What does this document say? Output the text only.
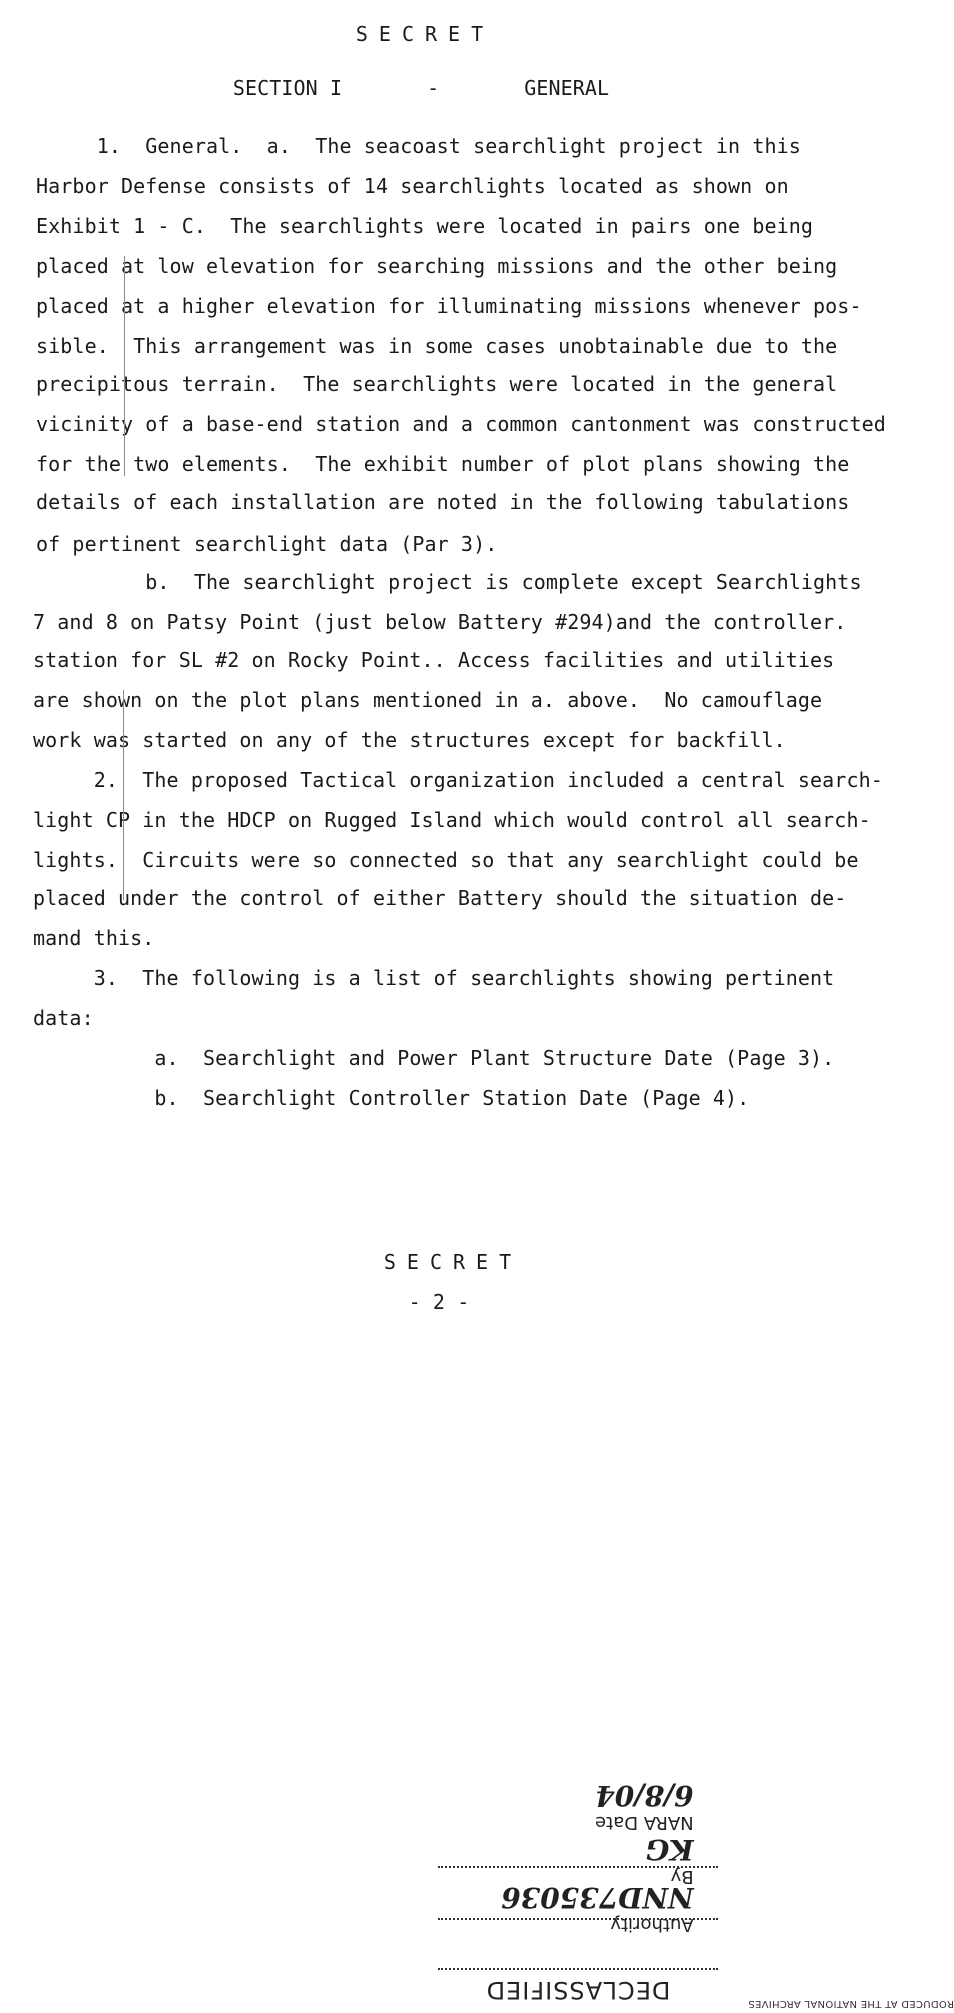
SECRET
SECTION I       -       GENERAL
1.  General.  a.  The seacoast searchlight project in this
Harbor Defense consists of 14 searchlights located as shown on
Exhibit 1 - C.  The searchlights were located in pairs one being
placed at low elevation for searching missions and the other being
placed at a higher elevation for illuminating missions whenever pos-
sible.  This arrangement was in some cases unobtainable due to the
precipitous terrain.  The searchlights were located in the general
vicinity of a base-end station and a common cantonment was constructed
for the two elements.  The exhibit number of plot plans showing the
details of each installation are noted in the following tabulations
of pertinent searchlight data (Par 3).
b.  The searchlight project is complete except Searchlights
7 and 8 on Patsy Point (just below Battery #294)and the controller.
station for SL #2 on Rocky Point.. Access facilities and utilities
are shown on the plot plans mentioned in a. above.  No camouflage
work was started on any of the structures except for backfill.
2.  The proposed Tactical organization included a central search-
light CP in the HDCP on Rugged Island which would control all search-
lights.  Circuits were so connected so that any searchlight could be
placed under the control of either Battery should the situation de-
mand this.
3.  The following is a list of searchlights showing pertinent
data:
a.  Searchlight and Power Plant Structure Date (Page 3).
b.  Searchlight Controller Station Date (Page 4).
SECRET
- 2 -
DECLASSIFIED

Authority
NND735036

By
KG
NARA Date
6/8/04

RODUCED AT THE NATIONAL ARCHIVES
